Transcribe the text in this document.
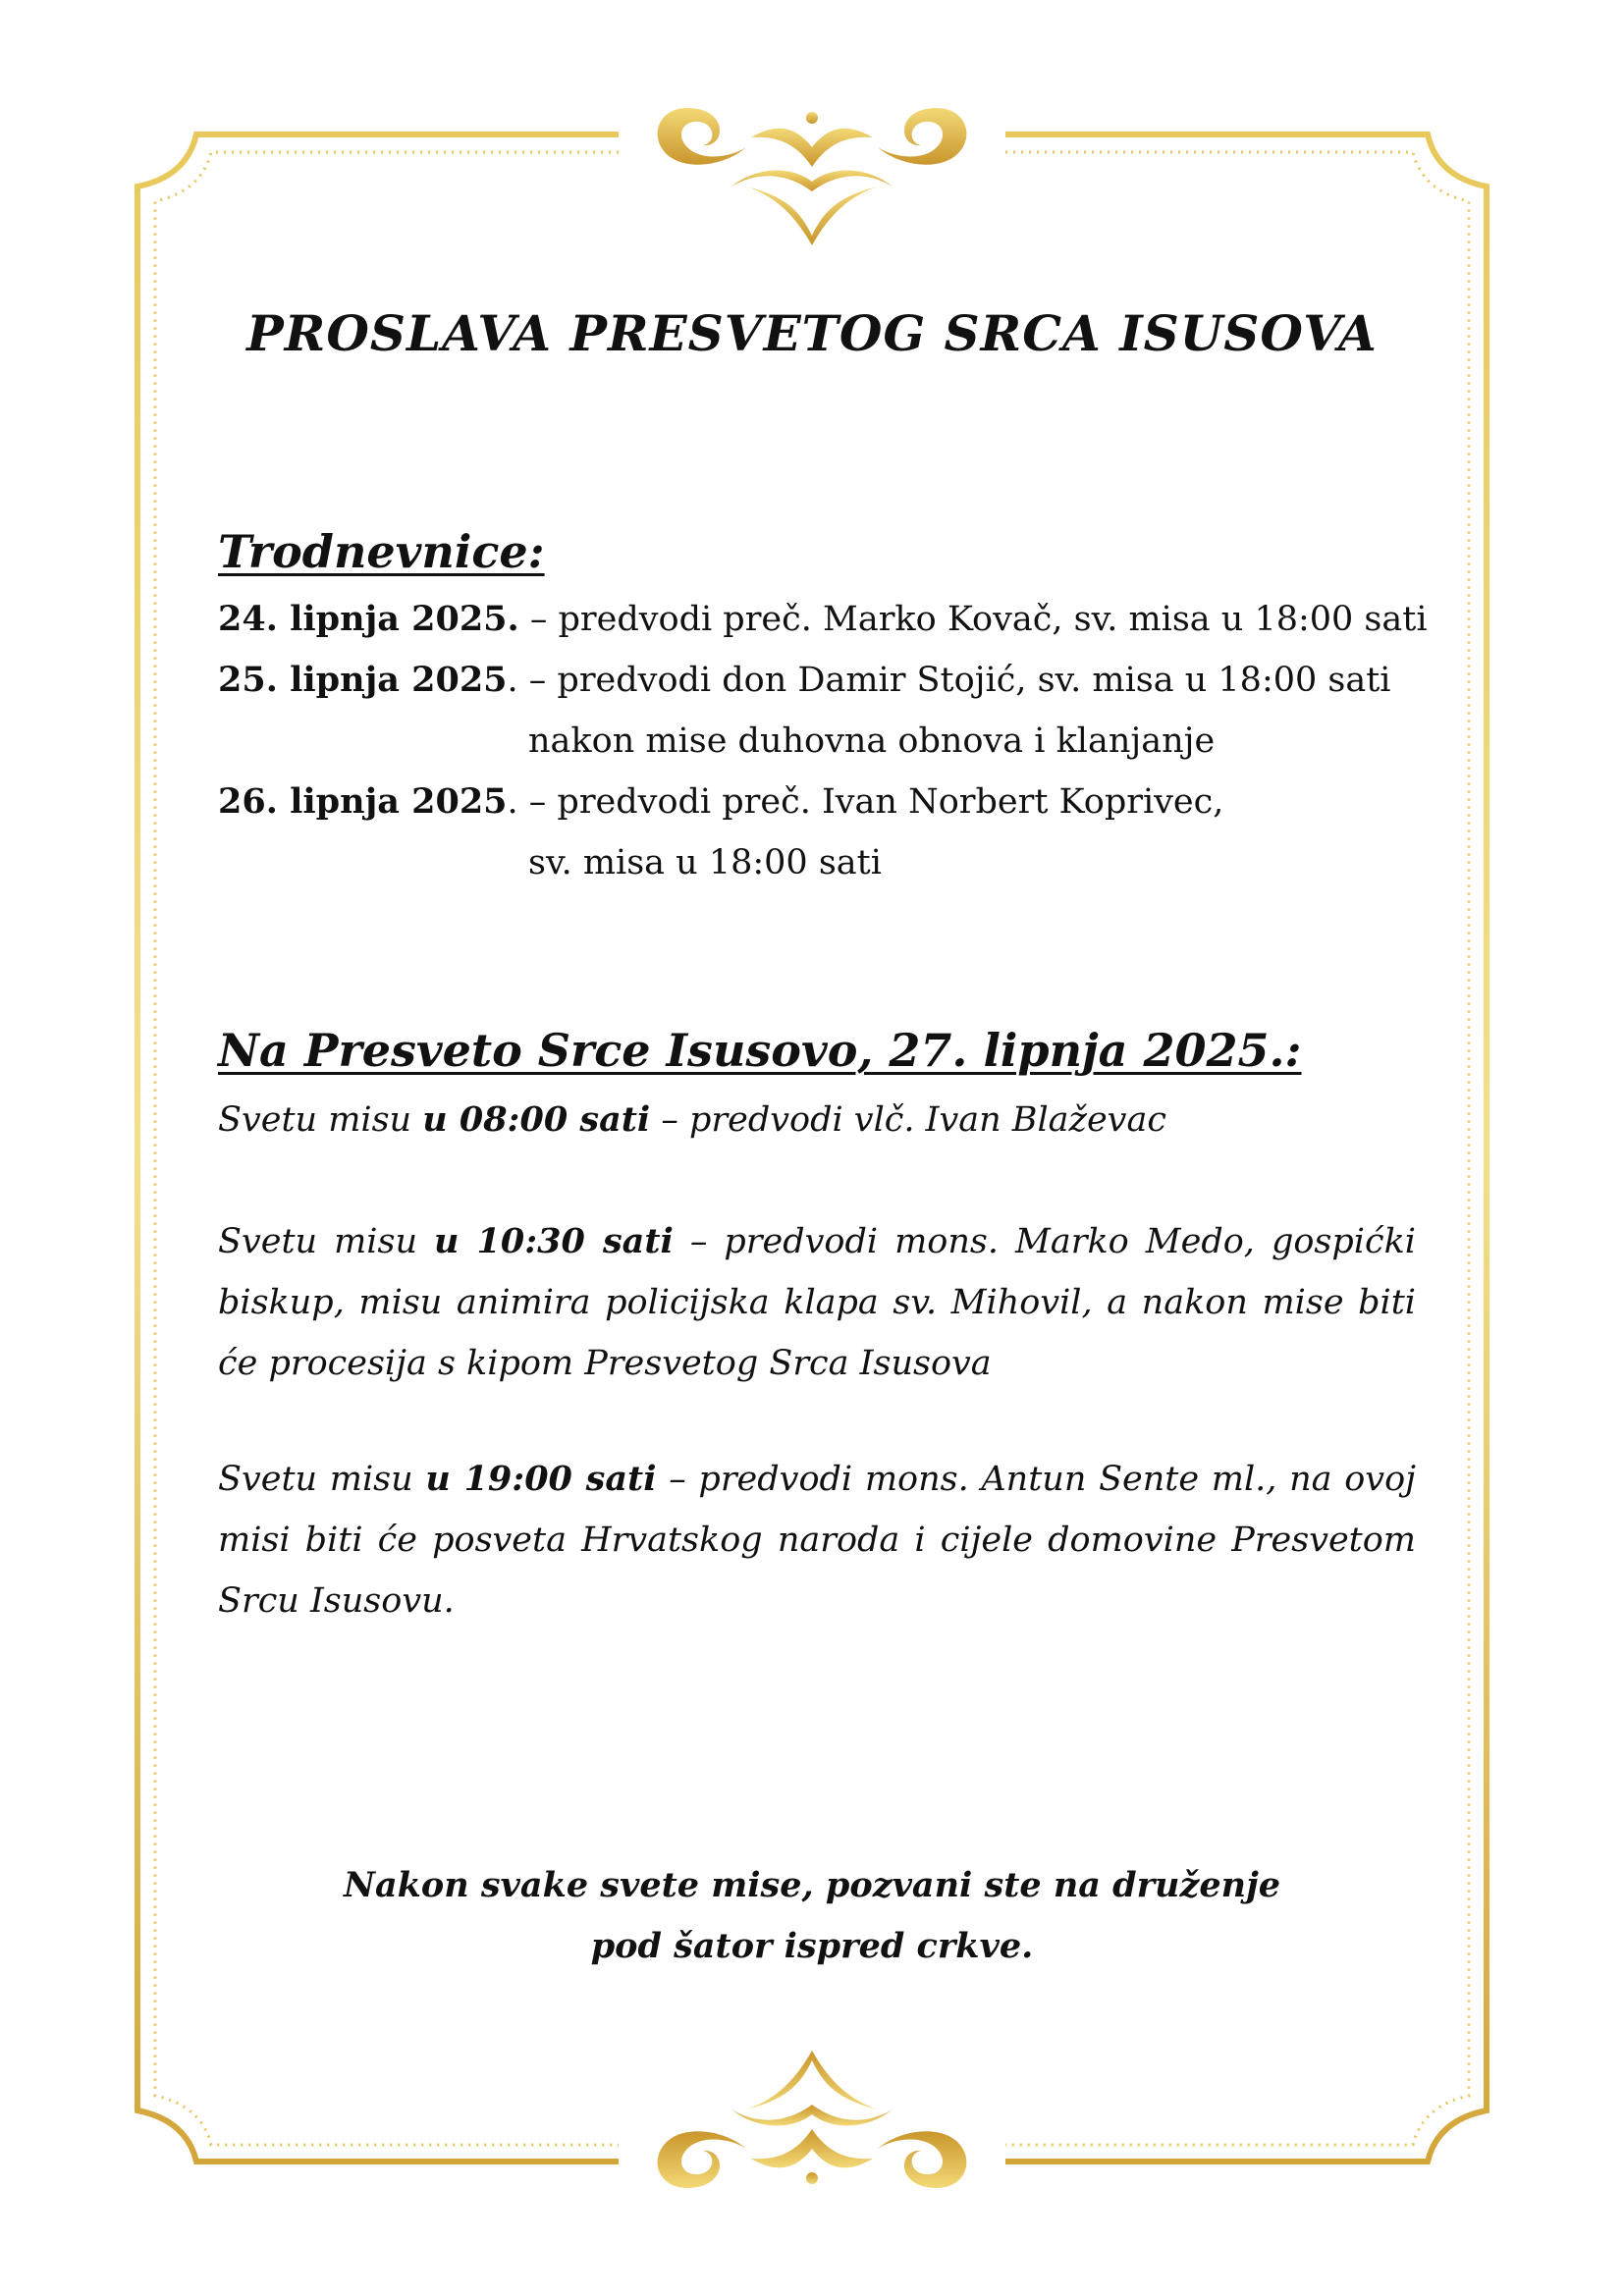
PROSLAVA PRESVETOG SRCA ISUSOVA
Trodnevnice:
24. lipnja 2025. – predvodi preč. Marko Kovač, sv. misa u 18:00 sati
25. lipnja 2025. – predvodi don Damir Stojić, sv. misa u 18:00 sati
nakon mise duhovna obnova i klanjanje
26. lipnja 2025. – predvodi preč. Ivan Norbert Koprivec,
sv. misa u 18:00 sati
Na Presveto Srce Isusovo, 27. lipnja 2025.:
Svetu misu u 08:00 sati – predvodi vlč. Ivan Blaževac
Svetu misu u 10:30 sati – predvodi mons. Marko Medo, gospićki biskup, misu animira policijska klapa sv. Mihovil, a nakon mise biti će procesija s kipom Presvetog Srca Isusova
Svetu misu u 19:00 sati – predvodi mons. Antun Sente ml., na ovoj misi biti će posveta Hrvatskog naroda i cijele domovine Presvetom Srcu Isusovu.
Nakon svake svete mise, pozvani ste na druženje
pod šator ispred crkve.
